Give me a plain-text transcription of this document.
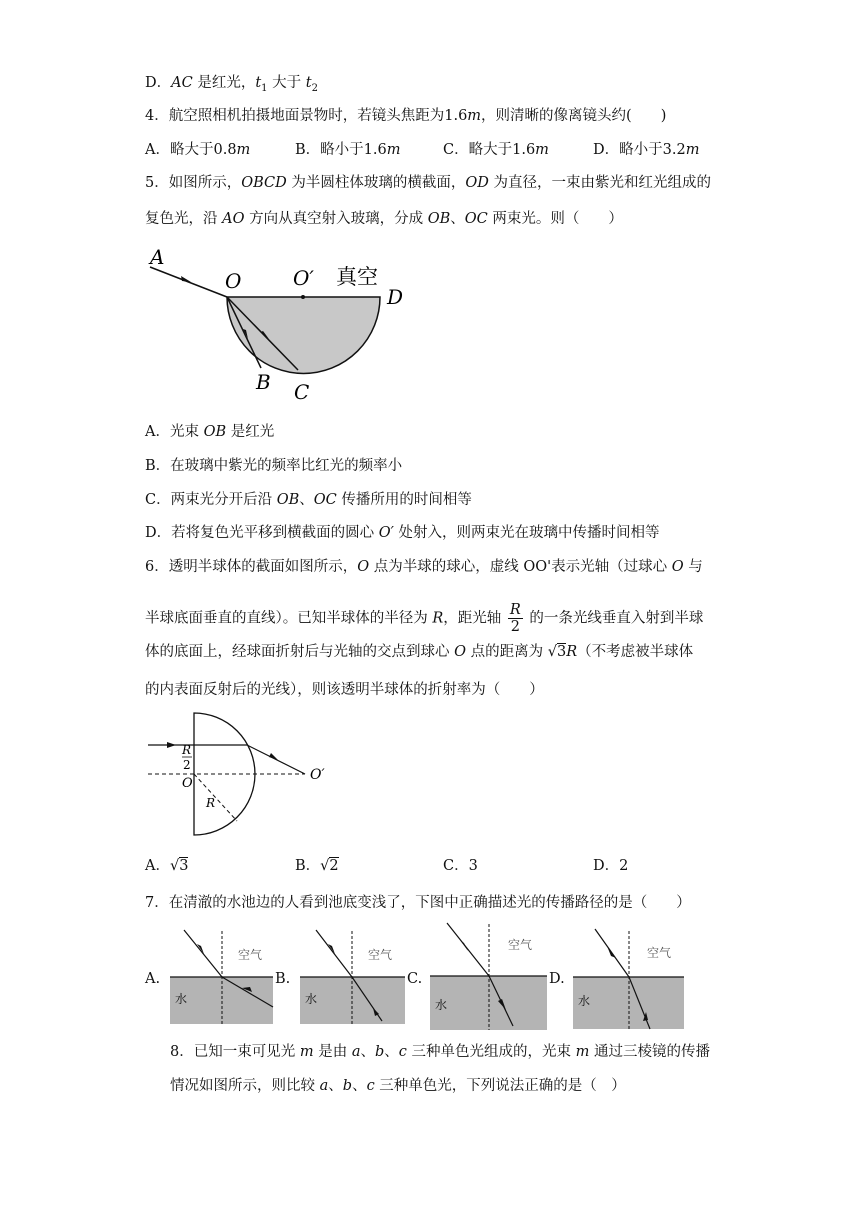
D．AC 是红光，$t_1$ 大于 $t_2$
4．航空照相机拍摄地面景物时，若镜头焦距为1.6m，则清晰的像离镜头约(　　)
A．略大于0.8m	B．略小于1.6m	C．略大于1.6m	D．略小于3.2m
5．如图所示，OBCD 为半圆柱体玻璃的横截面，OD 为直径，一束由紫光和红光组成的
复色光，沿 AO 方向从真空射入玻璃，分成 OB、OC 两束光。则（　　）
A
O	O′ 真空
D
B C
A．光束 OB 是红光
B．在玻璃中紫光的频率比红光的频率小
C．两束光分开后沿 OB、OC 传播所用的时间相等
D．若将复色光平移到横截面的圆心 O′ 处射入，则两束光在玻璃中传播时间相等
6．透明半球体的截面如图所示，O 点为半球的球心，虚线 OO'表示光轴（过球心 O 与
半球底面垂直的直线）。已知半球体的半径为 R，距光轴 $\frac{R}{2}$ 的一条光线垂直入射到半球
体的底面上，经球面折射后与光轴的交点到球心 O 点的距离为 √3R（不考虑被半球体
的内表面反射后的光线），则该透明半球体的折射率为（　　）
R
2
O
O′
R
A．√3	B．√2	C．3	D．2
7．在清澈的水池边的人看到池底变浅了，下图中正确描述光的传播路径的是（　　）
A.
空气
水
B.
空气
水
C.
空气
水
D.
空气
水
8．已知一束可见光 m 是由 a、b、c 三种单色光组成的，光束 m 通过三棱镜的传播
情况如图所示，则比较 a、b、c 三种单色光，下列说法正确的是（　）
